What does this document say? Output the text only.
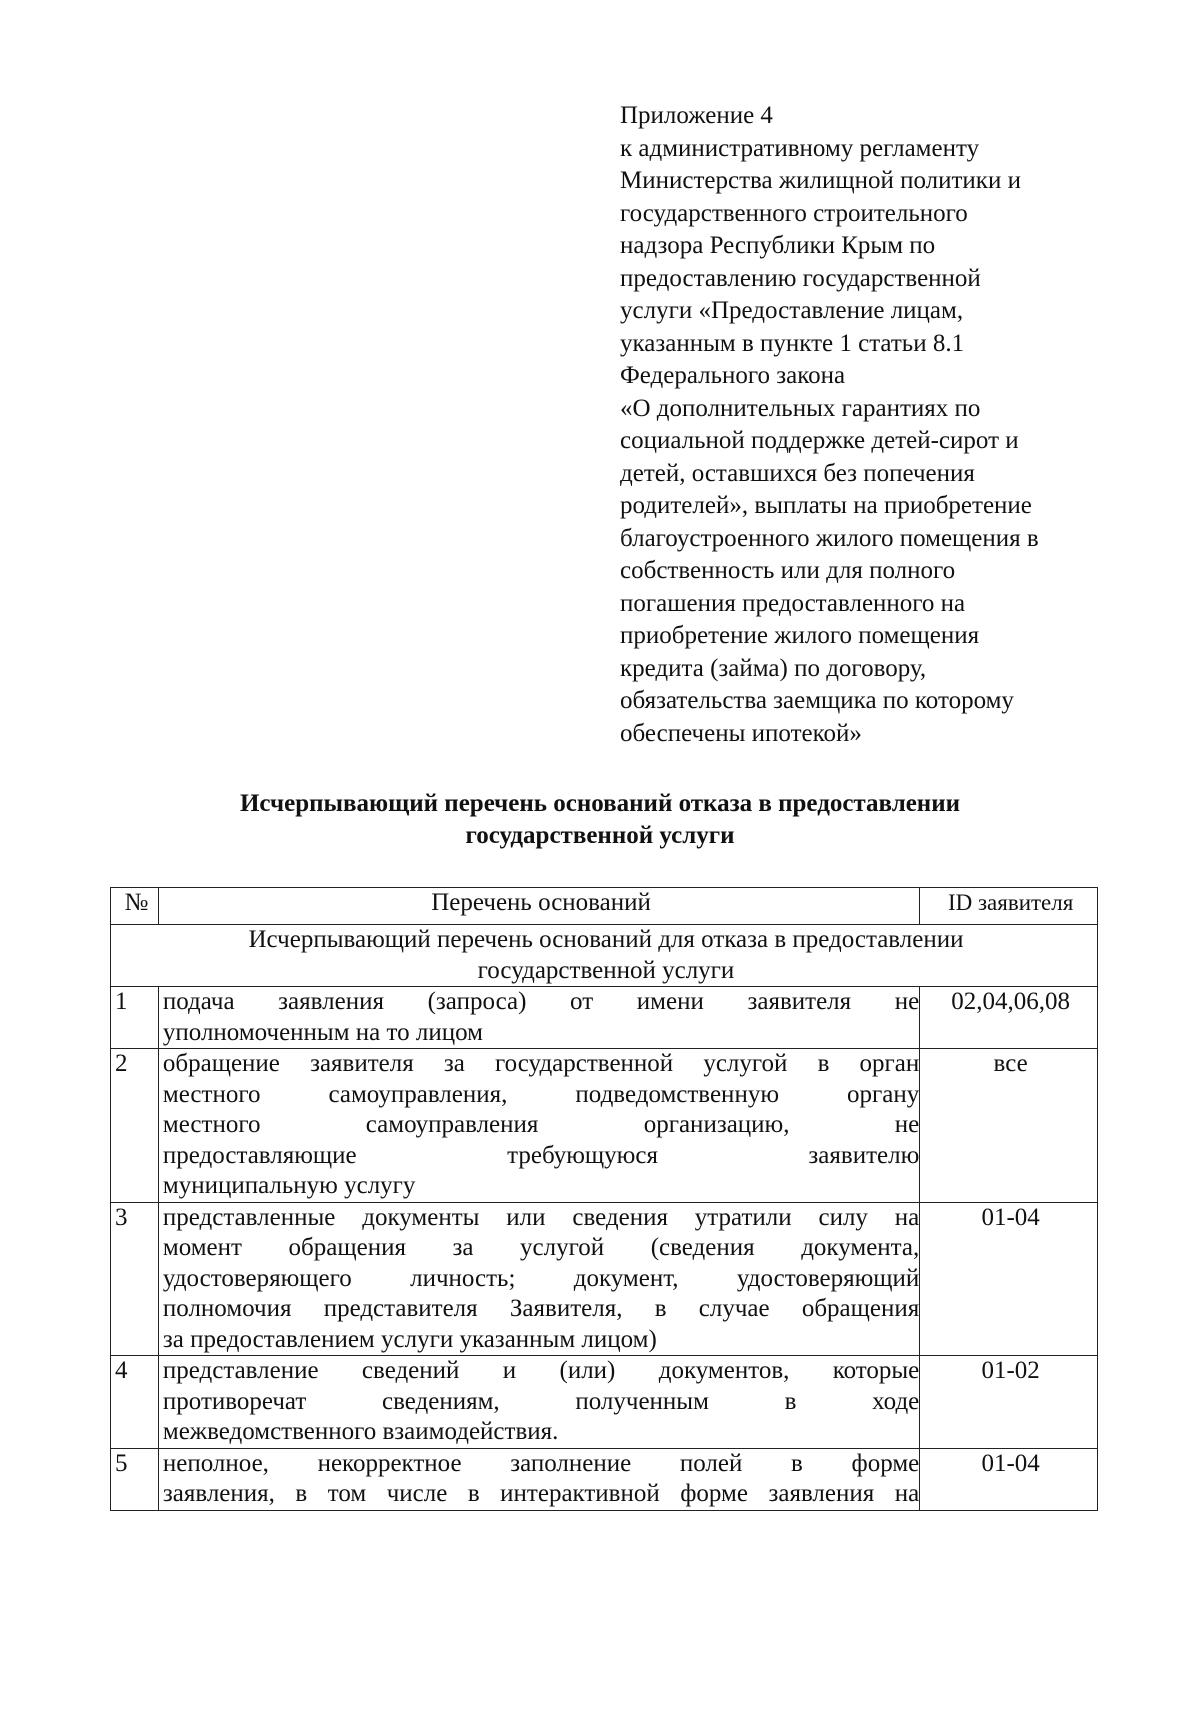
Приложение 4
к административному регламенту
Министерства жилищной политики и
государственного строительного
надзора Республики Крым по
предоставлению государственной
услуги «Предоставление лицам,
указанным в пункте 1 статьи 8.1
Федерального закона
«О дополнительных гарантиях по
социальной поддержке детей-сирот и
детей, оставшихся без попечения
родителей», выплаты на приобретение
благоустроенного жилого помещения в
собственность или для полного
погашения предоставленного на
приобретение жилого помещения
кредита (займа) по договору,
обязательства заемщика по которому
обеспечены ипотекой»
Исчерпывающий перечень оснований отказа в предоставлении
государственной услуги
№	Перечень оснований	ID заявителя

Исчерпывающий перечень оснований для отказа в предоставлении
государственной услуги		

1	подача заявления (запроса) от имени заявителя не
уполномоченным на то лицом	02,04,06,08
2	обращение заявителя за государственной услугой в орган
местного самоуправления, подведомственную органу
местного самоуправления организацию, не
предоставляющие требующуюся заявителю
муниципальную услугу	все
3	представленные документы или сведения утратили силу на
момент обращения за услугой (сведения документа,
удостоверяющего личность; документ, удостоверяющий
полномочия представителя Заявителя, в случае обращения
за предоставлением услуги указанным лицом)	01-04
4	представление сведений и (или) документов, которые
противоречат сведениям, полученным в ходе
межведомственного взаимодействия.	01-02
5	неполное, некорректное заполнение полей в форме
заявления, в том числе в интерактивной форме заявления на	01-04
